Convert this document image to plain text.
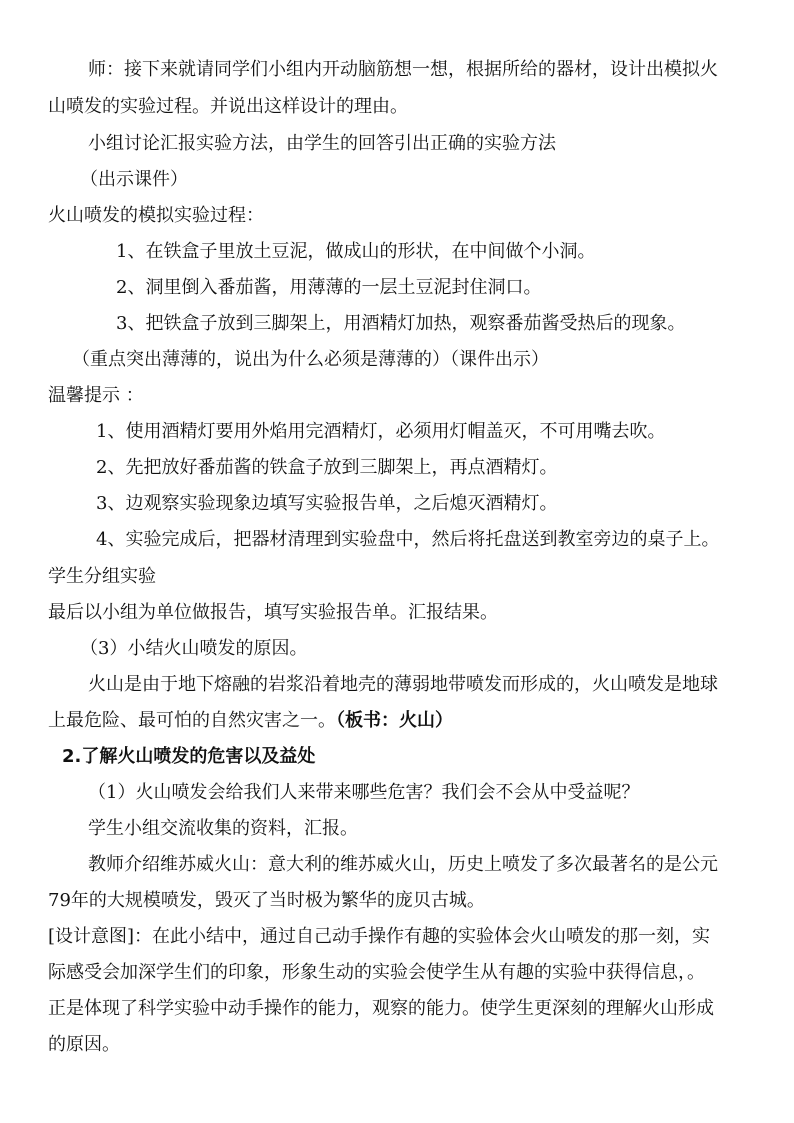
师：接下来就请同学们小组内开动脑筋想一想，根据所给的器材，设计出模拟火
山喷发的实验过程。并说出这样设计的理由。
小组讨论汇报实验方法，由学生的回答引出正确的实验方法
（出示课件）
火山喷发的模拟实验过程：
1、在铁盒子里放土豆泥，做成山的形状，在中间做个小洞。
2、洞里倒入番茄酱，用薄薄的一层土豆泥封住洞口。
3、把铁盒子放到三脚架上，用酒精灯加热，观察番茄酱受热后的现象。
（重点突出薄薄的，说出为什么必须是薄薄的）（课件出示）
温馨提示 ：
1、使用酒精灯要用外焰用完酒精灯，必须用灯帽盖灭，不可用嘴去吹。
2、先把放好番茄酱的铁盒子放到三脚架上，再点酒精灯。
3、边观察实验现象边填写实验报告单，之后熄灭酒精灯。
4、实验完成后，把器材清理到实验盘中，然后将托盘送到教室旁边的桌子上。
学生分组实验
最后以小组为单位做报告，填写实验报告单。汇报结果。
（3）小结火山喷发的原因。
火山是由于地下熔融的岩浆沿着地壳的薄弱地带喷发而形成的，火山喷发是地球
上最危险、最可怕的自然灾害之一。（板书：火山）
2.了解火山喷发的危害以及益处
（1）火山喷发会给我们人来带来哪些危害？我们会不会从中受益呢？
学生小组交流收集的资料，汇报。
教师介绍维苏威火山：意大利的维苏威火山，历史上喷发了多次最著名的是公元
79年的大规模喷发，毁灭了当时极为繁华的庞贝古城。
[设计意图]：在此小结中，通过自己动手操作有趣的实验体会火山喷发的那一刻，实
际感受会加深学生们的印象，形象生动的实验会使学生从有趣的实验中获得信息，。
正是体现了科学实验中动手操作的能力，观察的能力。使学生更深刻的理解火山形成
的原因。
